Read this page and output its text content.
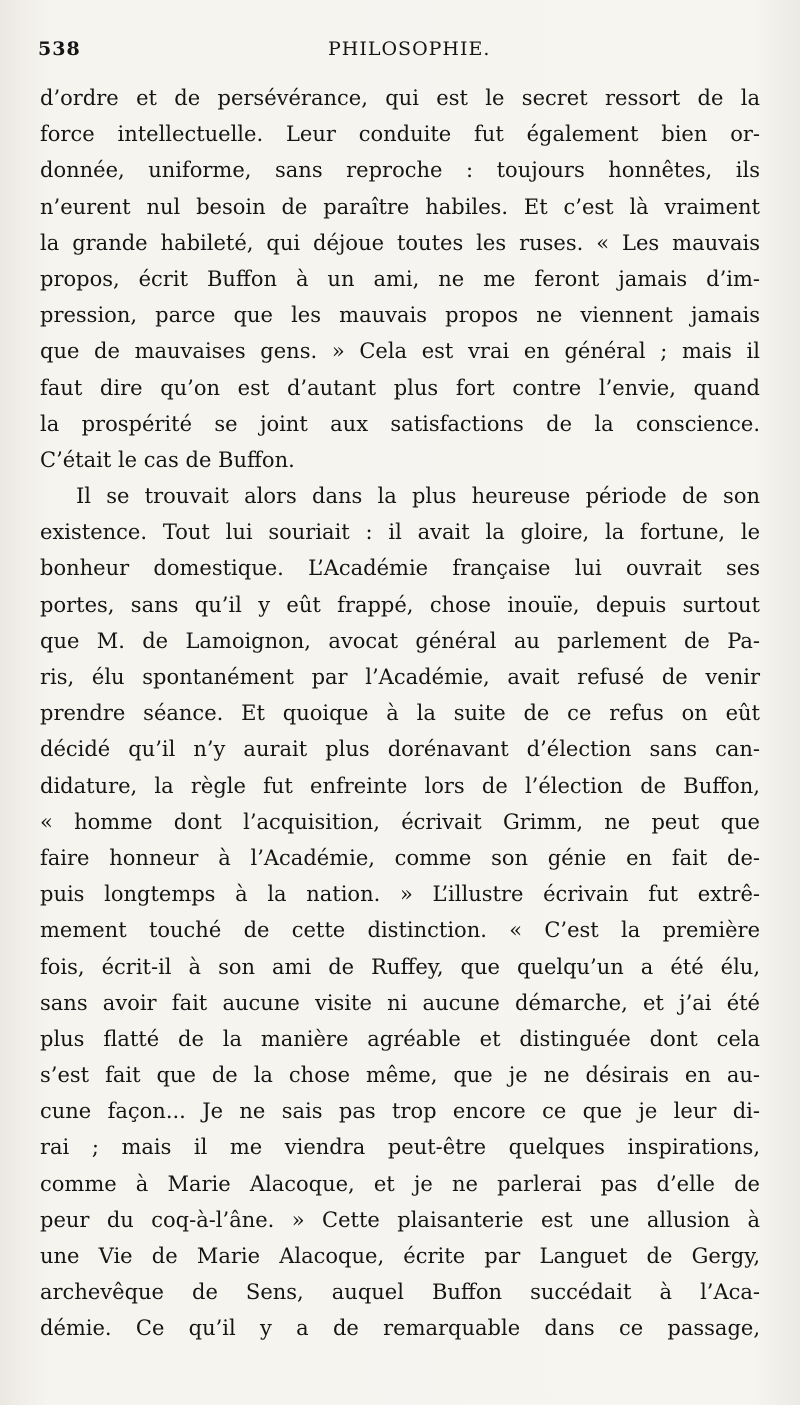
538	PHILOSOPHIE.
d’ordre et de persévérance, qui est le secret ressort de la
force intellectuelle. Leur conduite fut également bien or-
donnée, uniforme, sans reproche : toujours honnêtes, ils
n’eurent nul besoin de paraître habiles. Et c’est là vraiment
la grande habileté, qui déjoue toutes les ruses. « Les mauvais
propos, écrit Buffon à un ami, ne me feront jamais d’im-
pression, parce que les mauvais propos ne viennent jamais
que de mauvaises gens. » Cela est vrai en général ; mais il
faut dire qu’on est d’autant plus fort contre l’envie, quand
la prospérité se joint aux satisfactions de la conscience.
C’était le cas de Buffon.
Il se trouvait alors dans la plus heureuse période de son
existence. Tout lui souriait : il avait la gloire, la fortune, le
bonheur domestique. L’Académie française lui ouvrait ses
portes, sans qu’il y eût frappé, chose inouïe, depuis surtout
que M. de Lamoignon, avocat général au parlement de Pa-
ris, élu spontanément par l’Académie, avait refusé de venir
prendre séance. Et quoique à la suite de ce refus on eût
décidé qu’il n’y aurait plus dorénavant d’élection sans can-
didature, la règle fut enfreinte lors de l’élection de Buffon,
« homme dont l’acquisition, écrivait Grimm, ne peut que
faire honneur à l’Académie, comme son génie en fait de-
puis longtemps à la nation. » L’illustre écrivain fut extrê-
mement touché de cette distinction. « C’est la première
fois, écrit-il à son ami de Ruffey, que quelqu’un a été élu,
sans avoir fait aucune visite ni aucune démarche, et j’ai été
plus flatté de la manière agréable et distinguée dont cela
s’est fait que de la chose même, que je ne désirais en au-
cune façon... Je ne sais pas trop encore ce que je leur di-
rai ; mais il me viendra peut-être quelques inspirations,
comme à Marie Alacoque, et je ne parlerai pas d’elle de
peur du coq-à-l’âne. » Cette plaisanterie est une allusion à
une Vie de Marie Alacoque, écrite par Languet de Gergy,
archevêque de Sens, auquel Buffon succédait à l’Aca-
démie. Ce qu’il y a de remarquable dans ce passage,
